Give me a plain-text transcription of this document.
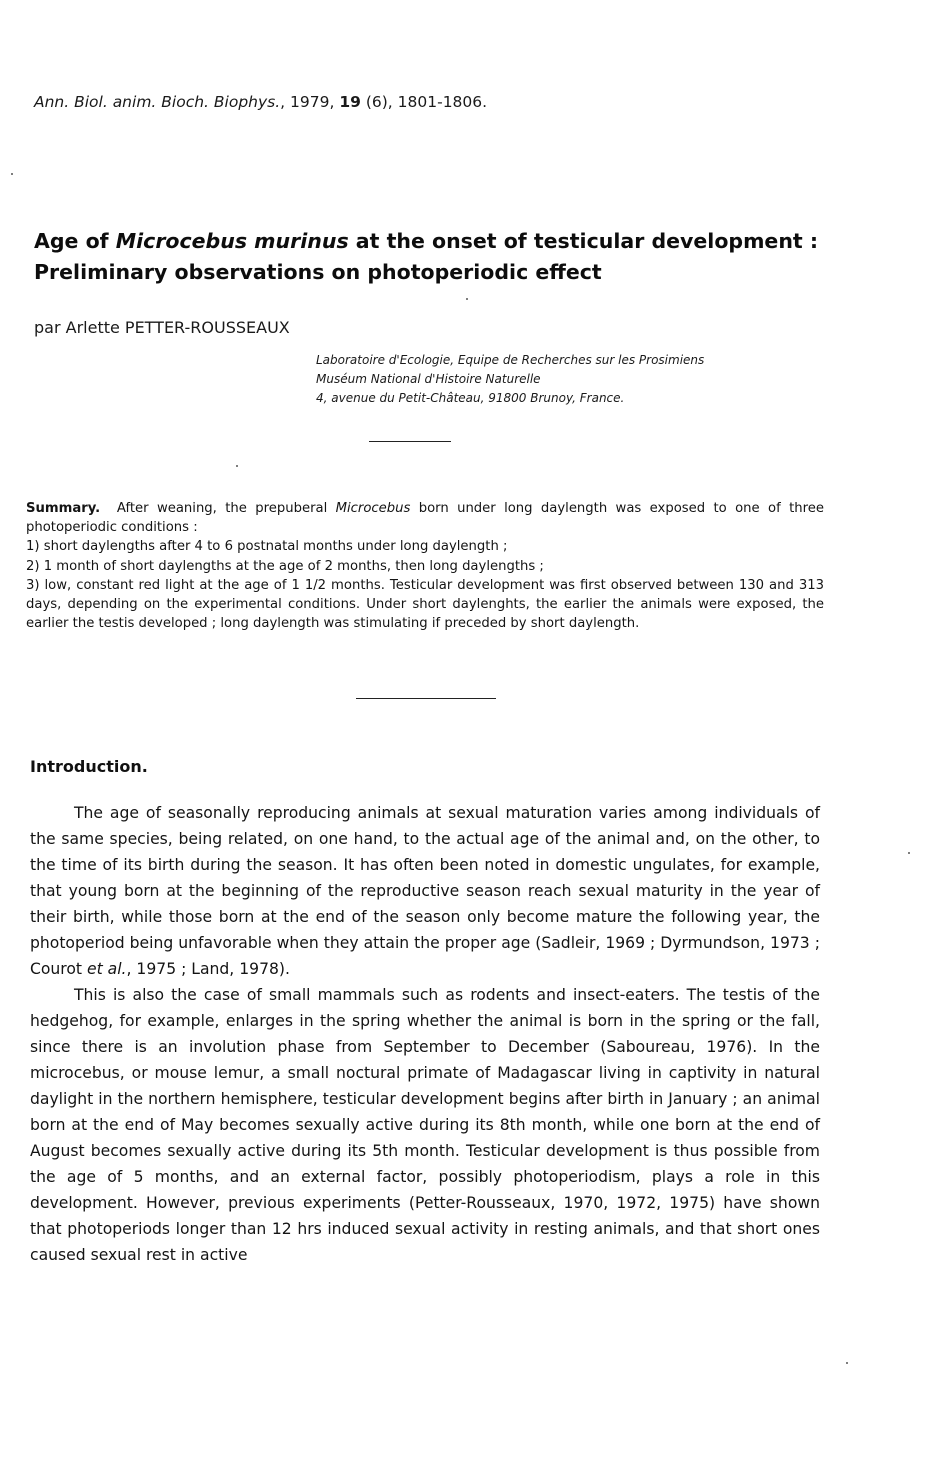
Ann. Biol. anim. Bioch. Biophys., 1979, 19 (6), 1801-1806.
Age of Microcebus murinus at the onset of testicular development :
Preliminary observations on photoperiodic effect
par Arlette PETTER-ROUSSEAUX
Laboratoire d'Ecologie, Equipe de Recherches sur les Prosimiens
Muséum National d'Histoire Naturelle
4, avenue du Petit-Château, 91800 Brunoy, France.

Summary. After weaning, the prepuberal Microcebus born under long daylength was exposed to one of three photoperiodic conditions :

1) short daylengths after 4 to 6 postnatal months under long daylength ;

2) 1 month of short daylengths at the age of 2 months, then long daylengths ;

3) low, constant red light at the age of 1 1/2 months. Testicular development was first observed between 130 and 313 days, depending on the experimental conditions. Under short daylenghts, the earlier the animals were exposed, the earlier the testis developed ; long daylength was stimulating if preceded by short daylength.

Introduction.

The age of seasonally reproducing animals at sexual maturation varies among individuals of the same species, being related, on one hand, to the actual age of the animal and, on the other, to the time of its birth during the season. It has often been noted in domestic ungulates, for example, that young born at the beginning of the reproductive season reach sexual maturity in the year of their birth, while those born at the end of the season only become mature the following year, the photoperiod being unfavorable when they attain the proper age (Sadleir, 1969 ; Dyrmundson, 1973 ; Courot et al., 1975 ; Land, 1978).

This is also the case of small mammals such as rodents and insect-eaters. The testis of the hedgehog, for example, enlarges in the spring whether the animal is born in the spring or the fall, since there is an involution phase from September to December (Saboureau, 1976). In the microcebus, or mouse lemur, a small noctural primate of Madagascar living in captivity in natural daylight in the northern hemisphere, testicular development begins after birth in January ; an animal born at the end of May becomes sexually active during its 8th month, while one born at the end of August becomes sexually active during its 5th month. Testicular development is thus possible from the age of 5 months, and an external factor, possibly photoperiodism, plays a role in this development. However, previous experiments (Petter-Rousseaux, 1970, 1972, 1975) have shown that photoperiods longer than 12 hrs induced sexual activity in resting animals, and that short ones caused sexual rest in active
